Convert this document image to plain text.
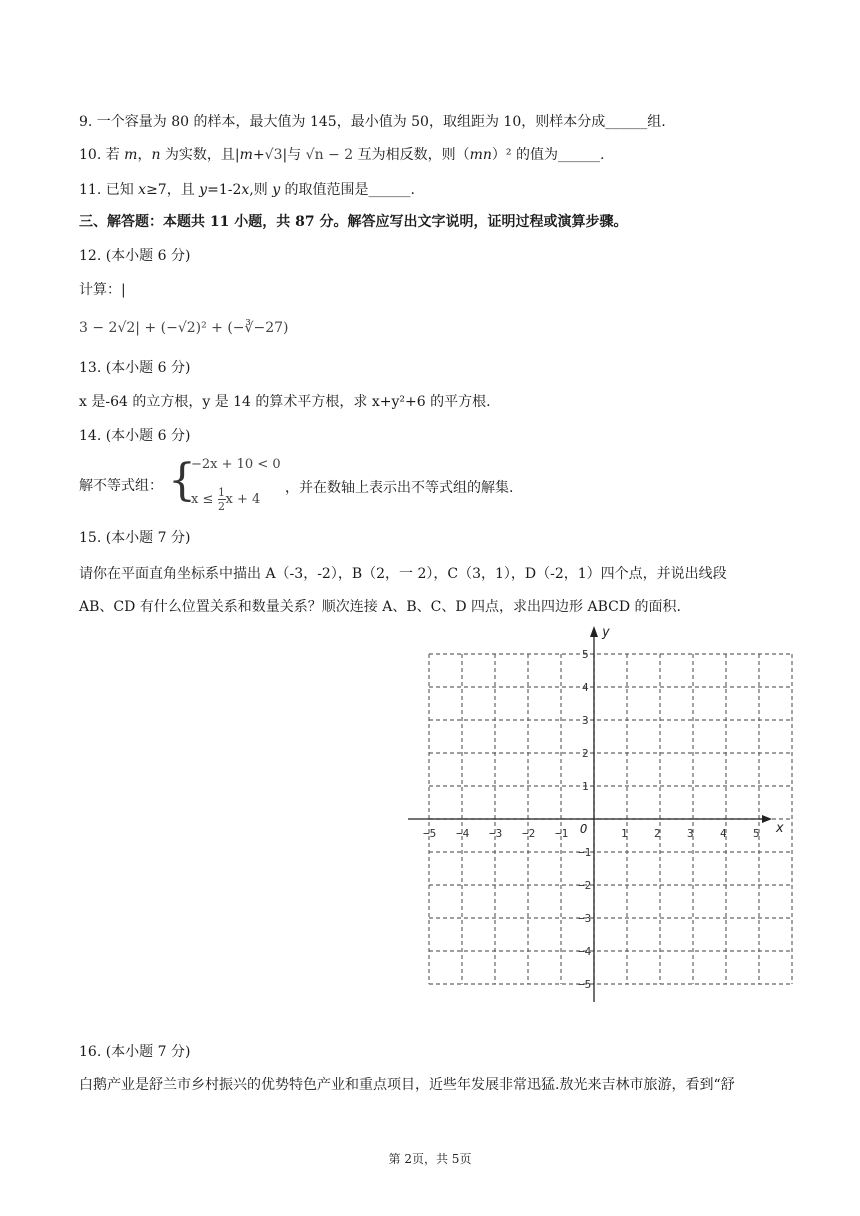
9. 一个容量为 80 的样本，最大值为 145，最小值为 50，取组距为 10，则样本分成______组.
10. 若 m，n 为实数，且|m+√3|与 √n − 2 互为相反数，则（mn）² 的值为______.
11. 已知 x≥7，且 y=1-2x,则 y 的取值范围是______.
三、解答题：本题共 11 小题，共 87 分。解答应写出文字说明，证明过程或演算步骤。
12. (本小题 6 分)
计算：|
3 − 2√2| + (−√2)² + (−∛−27)
13. (本小题 6 分)
x 是-64 的立方根，y 是 14 的算术平方根，求 x+y²+6 的平方根.
14. (本小题 6 分)
解不等式组： {
−2x + 10 < 0
$x \le \frac{1}{2}$ x + 4
，并在数轴上表示出不等式组的解集.
15. (本小题 7 分)
请你在平面直角坐标系中描出 A（-3，-2），B（2，一 2），C（3，1），D（-2，1）四个点，并说出线段
AB、CD 有什么位置关系和数量关系？顺次连接 A、B、C、D 四点，求出四边形 ABCD 的面积.
x
y
O
−5 −4 −3 −2 −1	1 2 3 4 5
5
4
3
2
1
−1
−2
−3
−4
−5
16. (本小题 7 分)
白鹅产业是舒兰市乡村振兴的优势特色产业和重点项目，近些年发展非常迅猛.敖光来吉林市旅游，看到“舒
第 2页，共 5页
